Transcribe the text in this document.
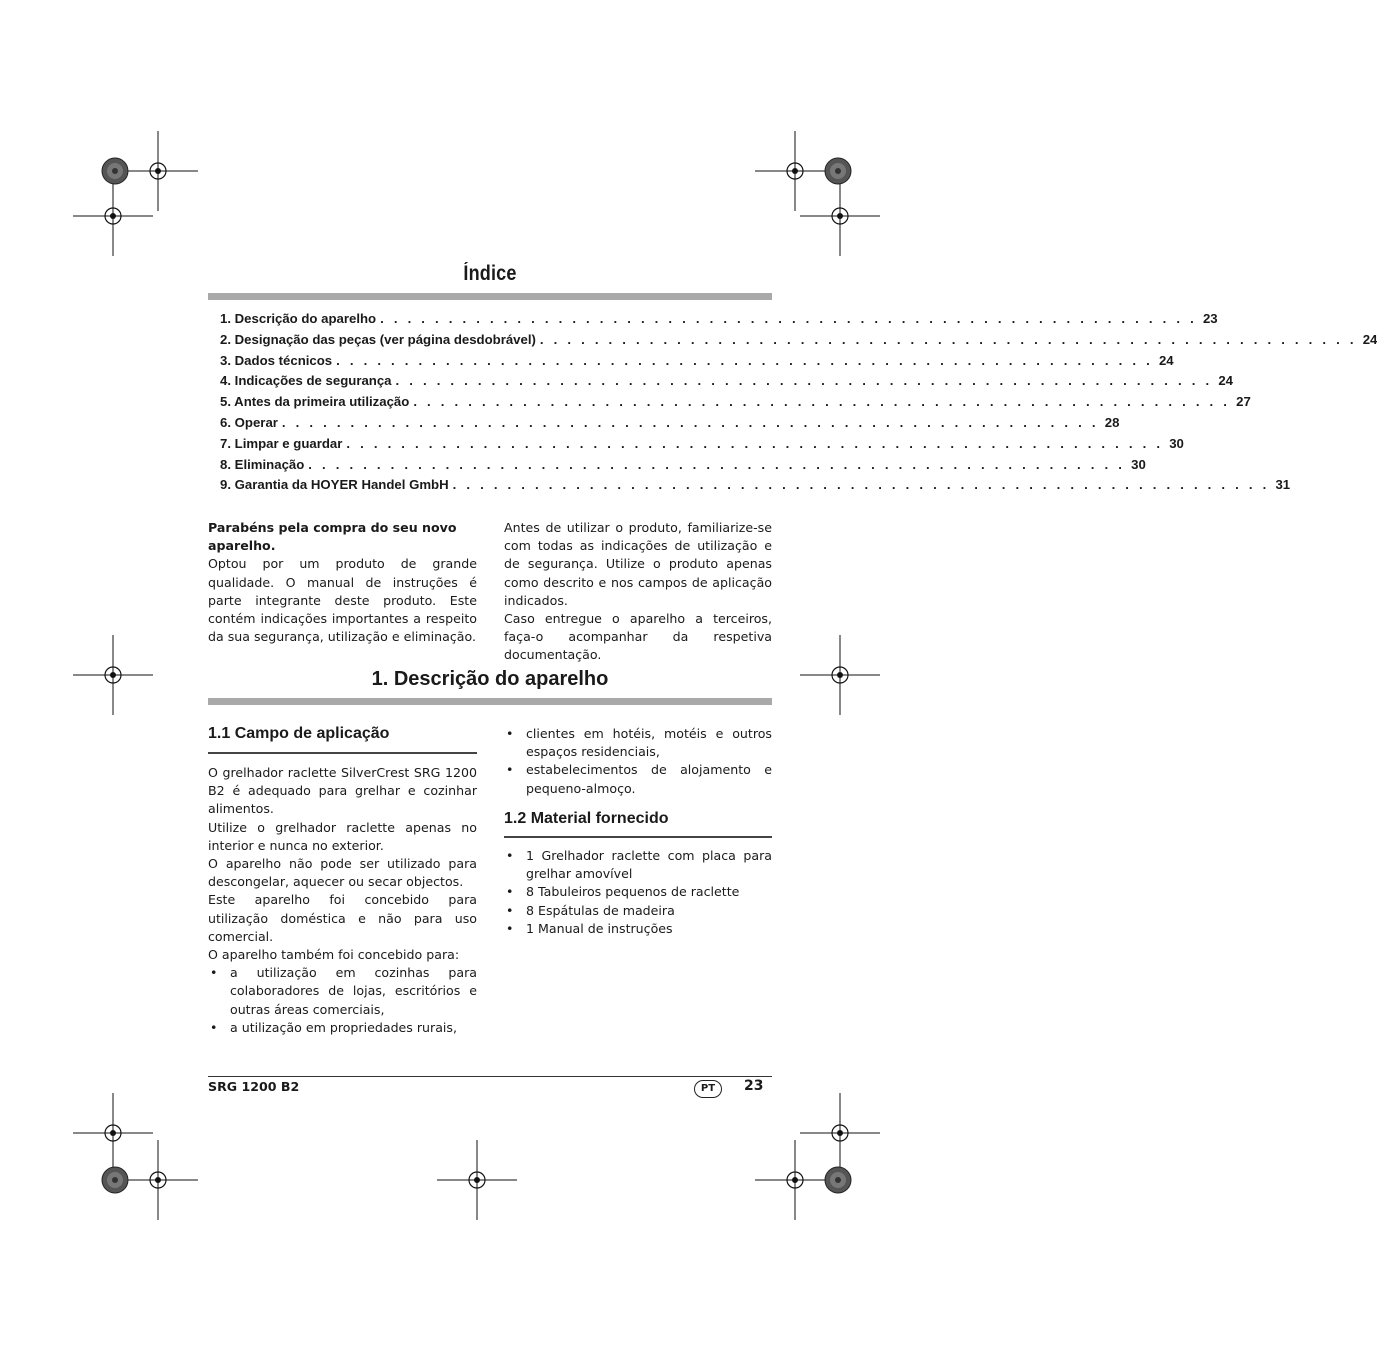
Índice
1. Descrição do aparelho . . . . . . . . . . . . . . . . . . . . . . . . . . . . . . . . . . . . . . . . . . . . . . . . . . . . . . . . . . . . 23
2. Designação das peças (ver página desdobrável) . . . . . . . . . . . . . . . . . . . . . . . . . . . . . . . . . . . . . . . . . . . . . . . . . . . . . . . . . . . . 24
3. Dados técnicos . . . . . . . . . . . . . . . . . . . . . . . . . . . . . . . . . . . . . . . . . . . . . . . . . . . . . . . . . . . . 24
4. Indicações de segurança . . . . . . . . . . . . . . . . . . . . . . . . . . . . . . . . . . . . . . . . . . . . . . . . . . . . . . . . . . . . 24
5. Antes da primeira utilização . . . . . . . . . . . . . . . . . . . . . . . . . . . . . . . . . . . . . . . . . . . . . . . . . . . . . . . . . . . . 27
6. Operar . . . . . . . . . . . . . . . . . . . . . . . . . . . . . . . . . . . . . . . . . . . . . . . . . . . . . . . . . . . . 28
7. Limpar e guardar . . . . . . . . . . . . . . . . . . . . . . . . . . . . . . . . . . . . . . . . . . . . . . . . . . . . . . . . . . . . 30
8. Eliminação . . . . . . . . . . . . . . . . . . . . . . . . . . . . . . . . . . . . . . . . . . . . . . . . . . . . . . . . . . . . 30
9. Garantia da HOYER Handel GmbH . . . . . . . . . . . . . . . . . . . . . . . . . . . . . . . . . . . . . . . . . . . . . . . . . . . . . . . . . . . . 31

Parabéns pela compra do seu novo aparelho.

Optou por um produto de grande qualidade. O manual de instruções é parte integrante deste produto. Este contém indicações importantes a respeito da sua segurança, utilização e eliminação.

Antes de utilizar o produto, familiarize-se com todas as indicações de utilização e de segurança. Utilize o produto apenas como descrito e nos campos de aplicação indicados.

Caso entregue o aparelho a terceiros, faça-o acompanhar da respetiva documentação.

1. Descrição do aparelho
1.1 Campo de aplicação

O grelhador raclette SilverCrest SRG 1200 B2 é adequado para grelhar e cozinhar alimentos.

Utilize o grelhador raclette apenas no interior e nunca no exterior.

O aparelho não pode ser utilizado para descongelar, aquecer ou secar objectos.

Este aparelho foi concebido para utilização doméstica e não para uso comercial.

O aparelho também foi concebido para:

• a utilização em cozinhas para colaboradores de lojas, escritórios e outras áreas comerciais,
• a utilização em propriedades rurais,
• clientes em hotéis, motéis e outros espaços residenciais,
• estabelecimentos de alojamento e pequeno-almoço.
1.2 Material fornecido
• 1 Grelhador raclette com placa para grelhar amovível
• 8 Tabuleiros pequenos de raclette
• 8 Espátulas de madeira
• 1 Manual de instruções
SRG 1200 B2	PT	23
